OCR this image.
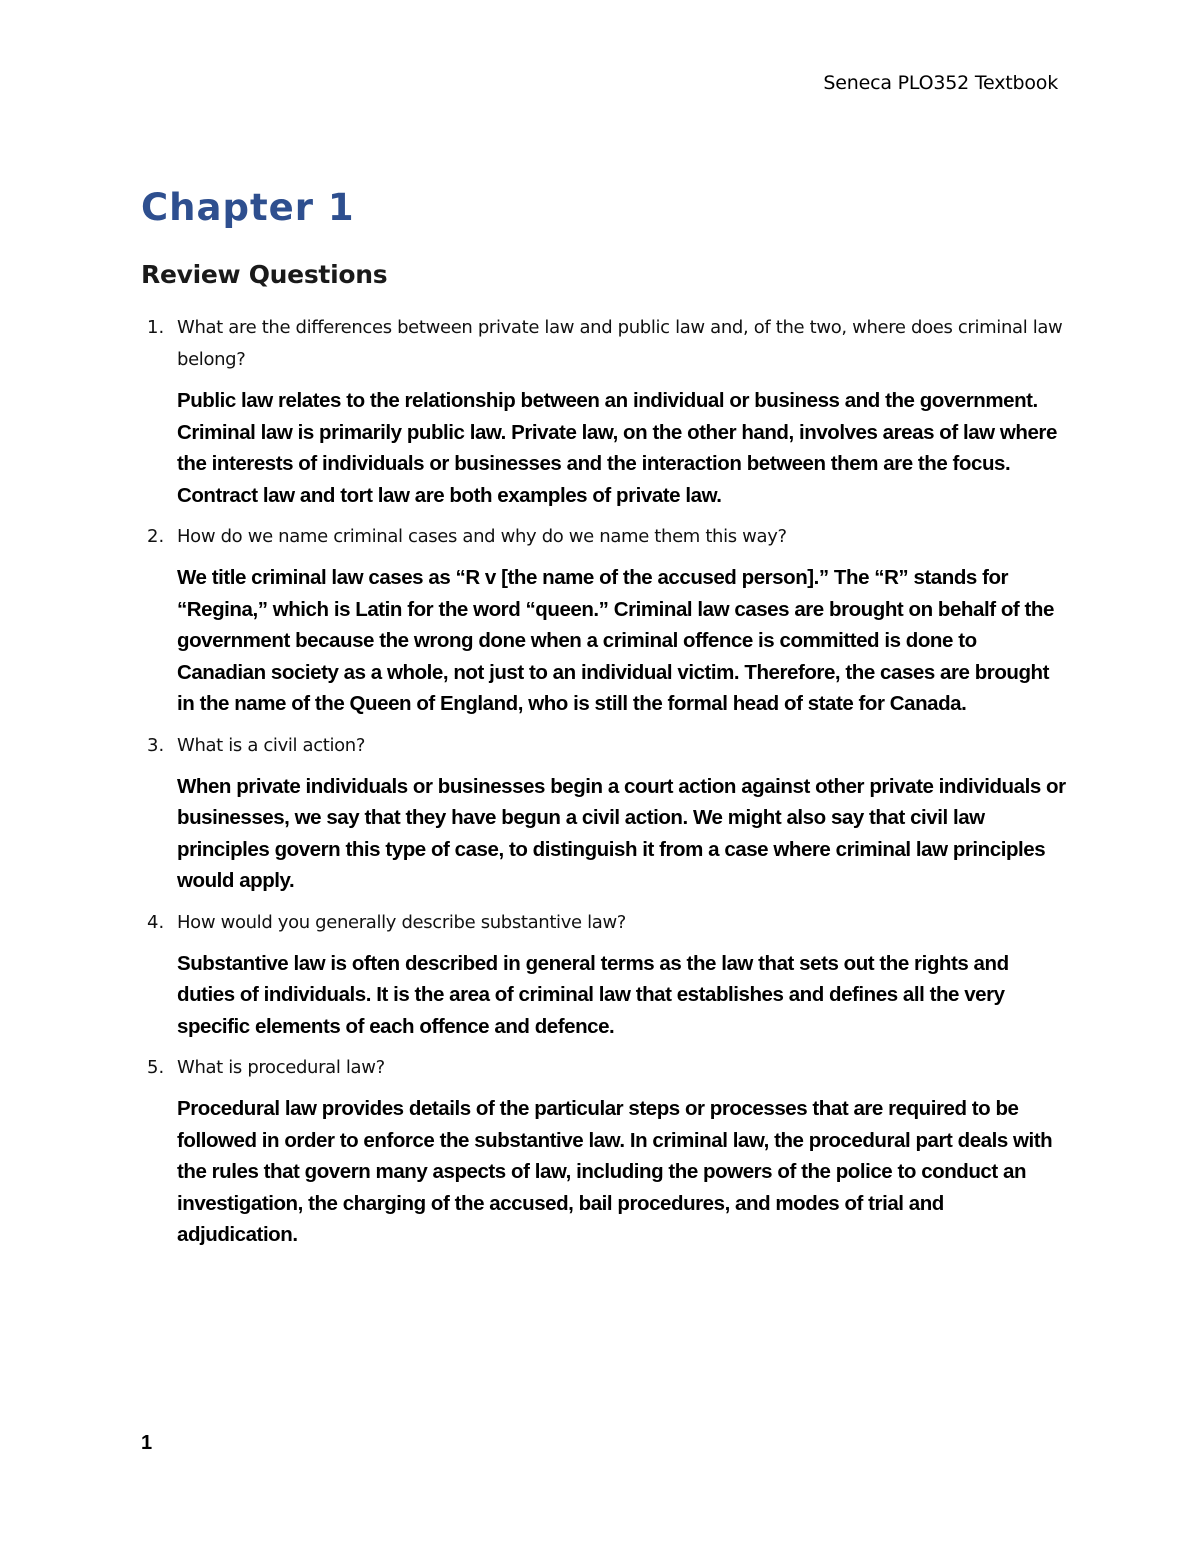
Seneca PLO352 Textbook
Chapter 1
Review Questions
1. What are the differences between private law and public law and, of the two, where does criminal law belong?

Public law relates to the relationship between an individual or business and the government. Criminal law is primarily public law. Private law, on the other hand, involves areas of law where the interests of individuals or businesses and the interaction between them are the focus. Contract law and tort law are both examples of private law.

2. How do we name criminal cases and why do we name them this way?

We title criminal law cases as “R v [the name of the accused person].” The “R” stands for “Regina,” which is Latin for the word “queen.” Criminal law cases are brought on behalf of the government because the wrong done when a criminal offence is committed is done to Canadian society as a whole, not just to an individual victim. Therefore, the cases are brought in the name of the Queen of England, who is still the formal head of state for Canada.

3. What is a civil action?

When private individuals or businesses begin a court action against other private individuals or businesses, we say that they have begun a civil action. We might also say that civil law principles govern this type of case, to distinguish it from a case where criminal law principles would apply.

4. How would you generally describe substantive law?

Substantive law is often described in general terms as the law that sets out the rights and duties of individuals. It is the area of criminal law that establishes and defines all the very specific elements of each offence and defence.

5. What is procedural law?

Procedural law provides details of the particular steps or processes that are required to be followed in order to enforce the substantive law. In criminal law, the procedural part deals with the rules that govern many aspects of law, including the powers of the police to conduct an investigation, the charging of the accused, bail procedures, and modes of trial and adjudication.

1
